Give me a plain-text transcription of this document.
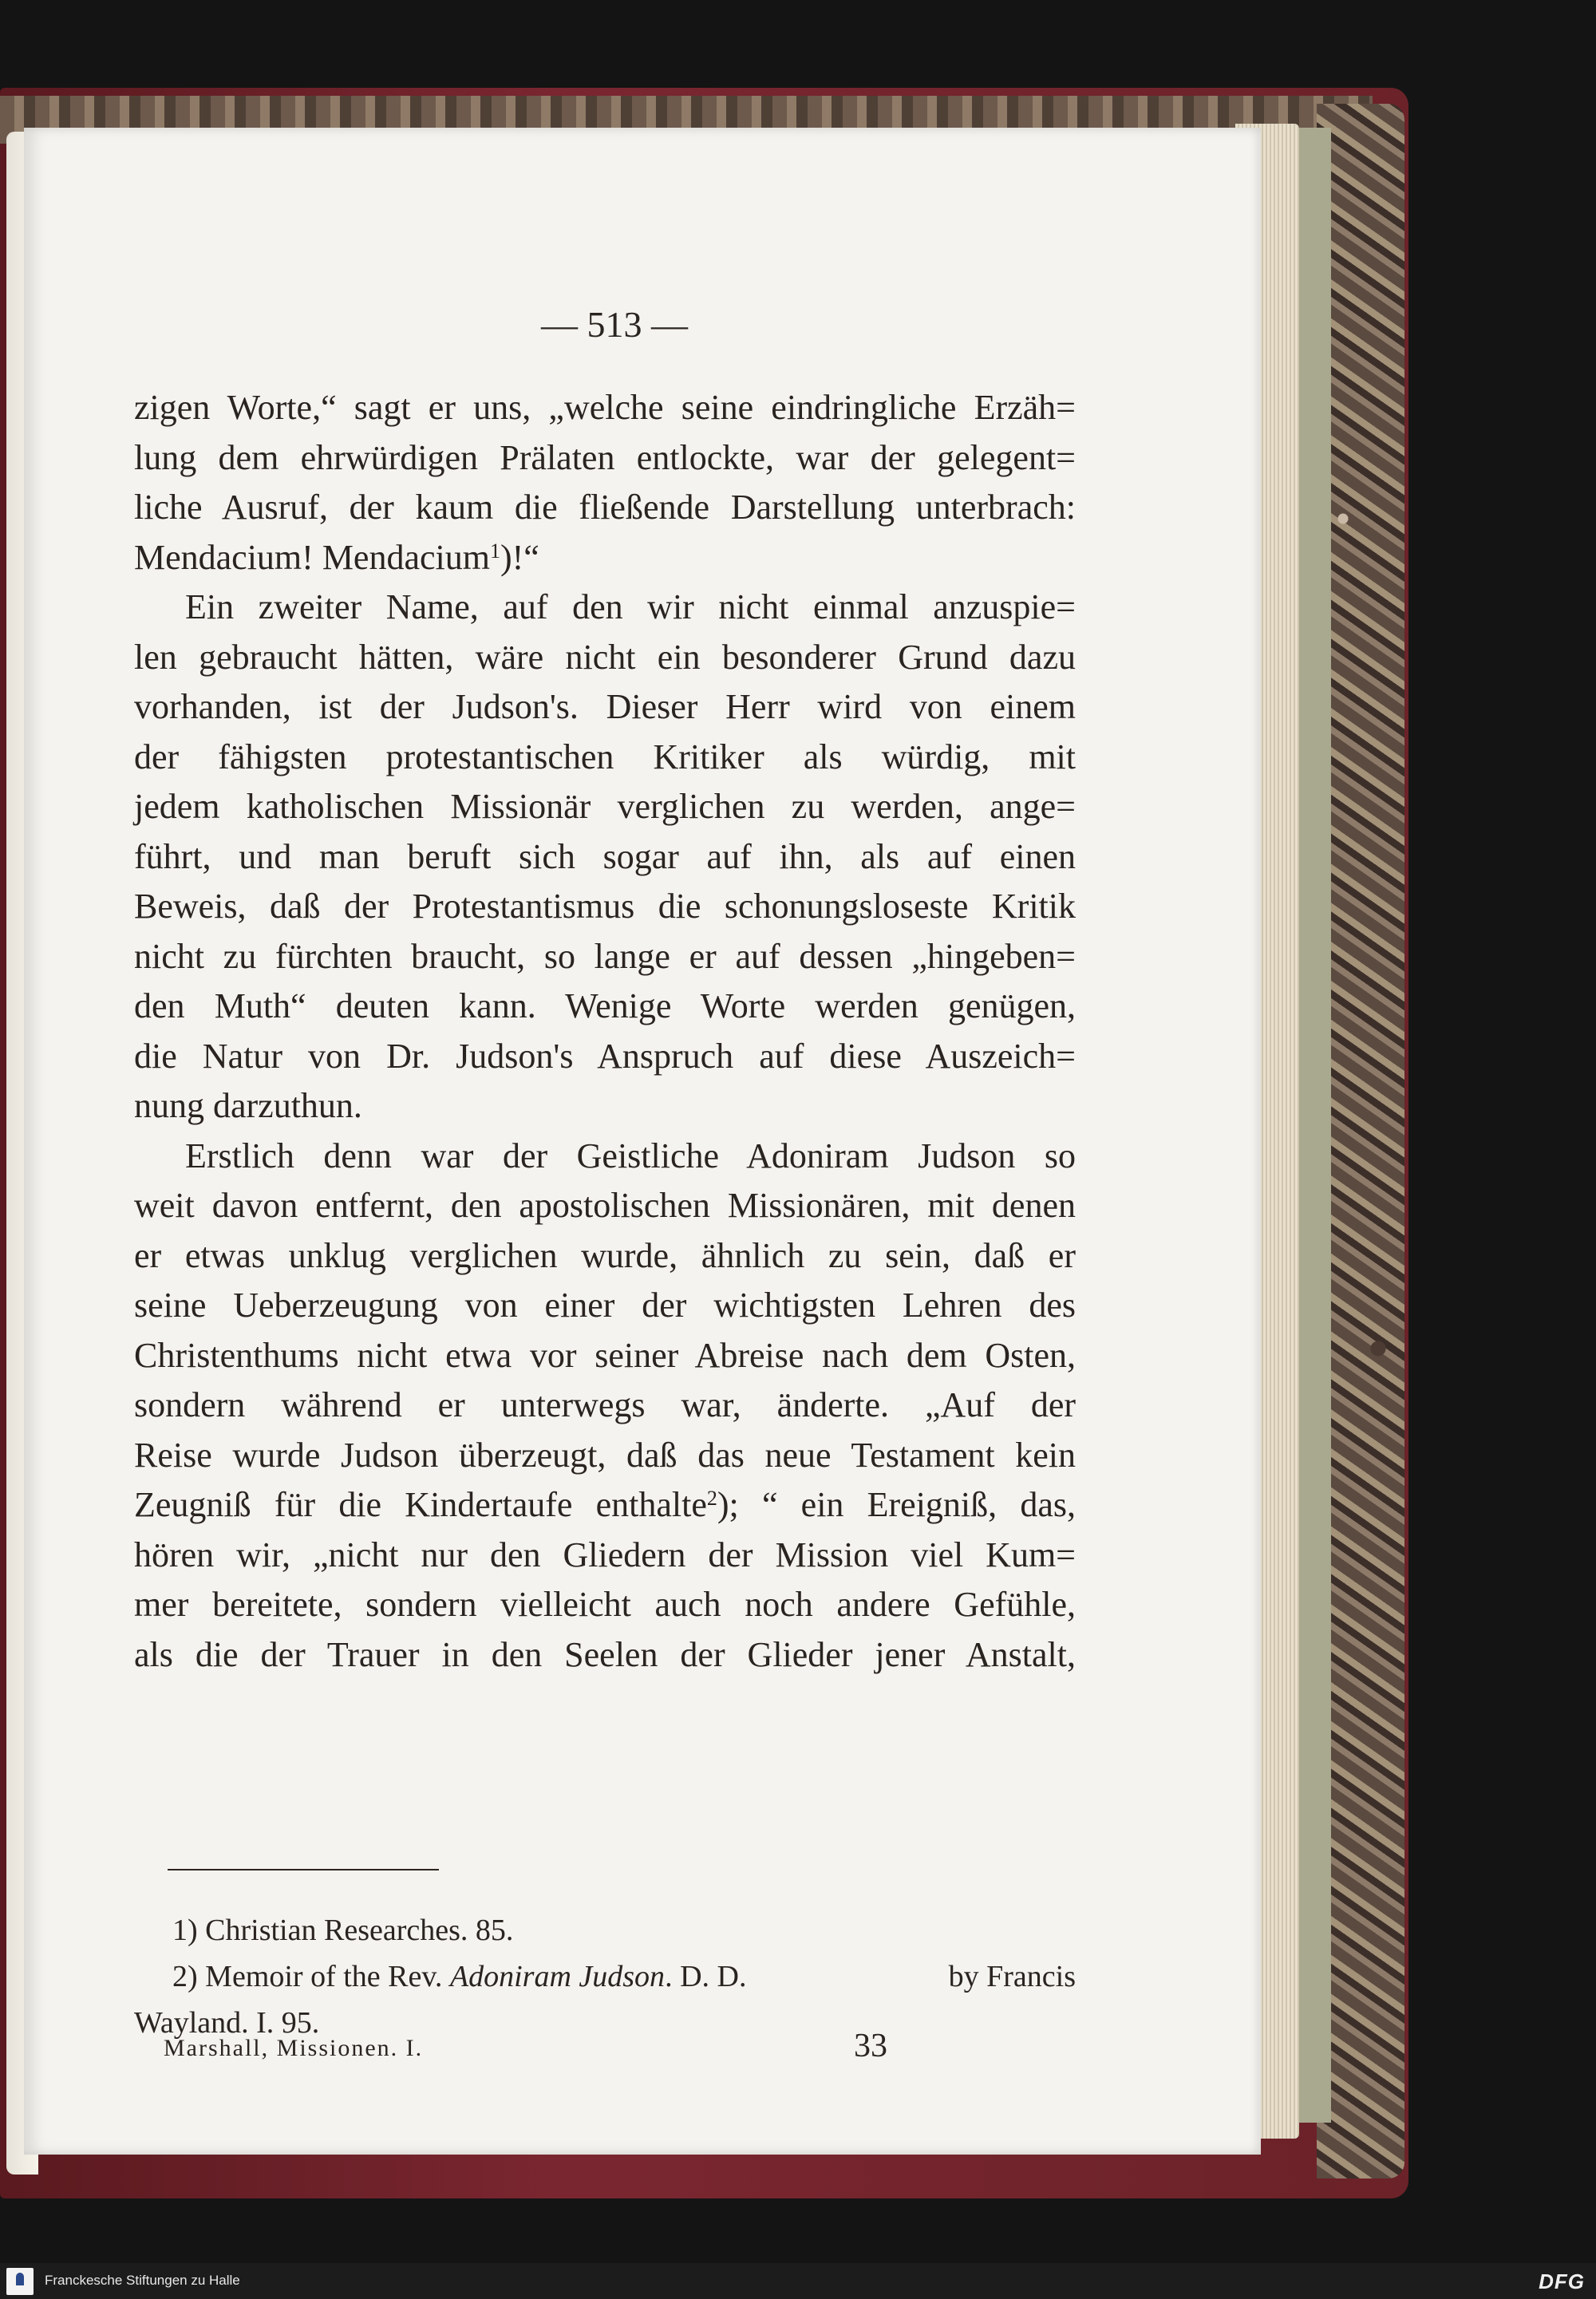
— 513 —
zigen Worte,“ sagt er uns, „welche seine eindringliche Erzäh=
lung dem ehrwürdigen Prälaten entlockte, war der gelegent=
liche Ausruf, der kaum die fließende Darstellung unterbrach:
Mendacium! Mendacium$^1$)!“
Ein zweiter Name, auf den wir nicht einmal anzuspie=
len gebraucht hätten, wäre nicht ein besonderer Grund dazu
vorhanden, ist der Judson's. Dieser Herr wird von einem
der fähigsten protestantischen Kritiker als würdig, mit
jedem katholischen Missionär verglichen zu werden, ange=
führt, und man beruft sich sogar auf ihn, als auf einen
Beweis, daß der Protestantismus die schonungsloseste Kritik
nicht zu fürchten braucht, so lange er auf dessen „hingeben=
den Muth“ deuten kann. Wenige Worte werden genügen,
die Natur von Dr. Judson's Anspruch auf diese Auszeich=
nung darzuthun.
Erstlich denn war der Geistliche Adoniram Judson so
weit davon entfernt, den apostolischen Missionären, mit denen
er etwas unklug verglichen wurde, ähnlich zu sein, daß er
seine Ueberzeugung von einer der wichtigsten Lehren des
Christenthums nicht etwa vor seiner Abreise nach dem Osten,
sondern während er unterwegs war, änderte. „Auf der
Reise wurde Judson überzeugt, daß das neue Testament kein
Zeugniß für die Kindertaufe enthalte$^2$); “ ein Ereigniß, das,
hören wir, „nicht nur den Gliedern der Mission viel Kum=
mer bereitete, sondern vielleicht auch noch andere Gefühle,
als die der Trauer in den Seelen der Glieder jener Anstalt,
1) Christian Researches. 85.
2) Memoir of the Rev. Adoniram Judson. D. D.	by Francis
Wayland. I. 95.
Marshall, Missionen. I.	33
Franckesche Stiftungen zu Halle	DFG
